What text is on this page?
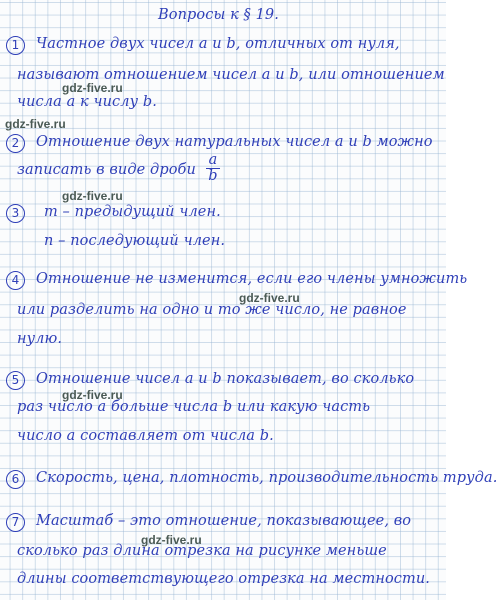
Вопросы к § 19.
1	Частное двух чисел a и b, отличных от нуля,
называют отношением чисел a и b, или отношением
числа a к числу b.
2	Отношение двух натуральных чисел a и b можно
записать в виде дроби
a
b
3	m – предыдущий член.
n – последующий член.
4	Отношение не изменится, если его члены умножить
или разделить на одно и то же число, не равное
нулю.
5	Отношение чисел a и b показывает, во сколько
раз число a больше числа b или какую часть
число a составляет от числа b.
6	Скорость, цена, плотность, производительность труда.
7	Масштаб – это отношение, показывающее, во
сколько раз длина отрезка на рисунке меньше
длины соответствующего отрезка на местности.
gdz-five.ru
gdz-five.ru
gdz-five.ru
gdz-five.ru
gdz-five.ru
gdz-five.ru
